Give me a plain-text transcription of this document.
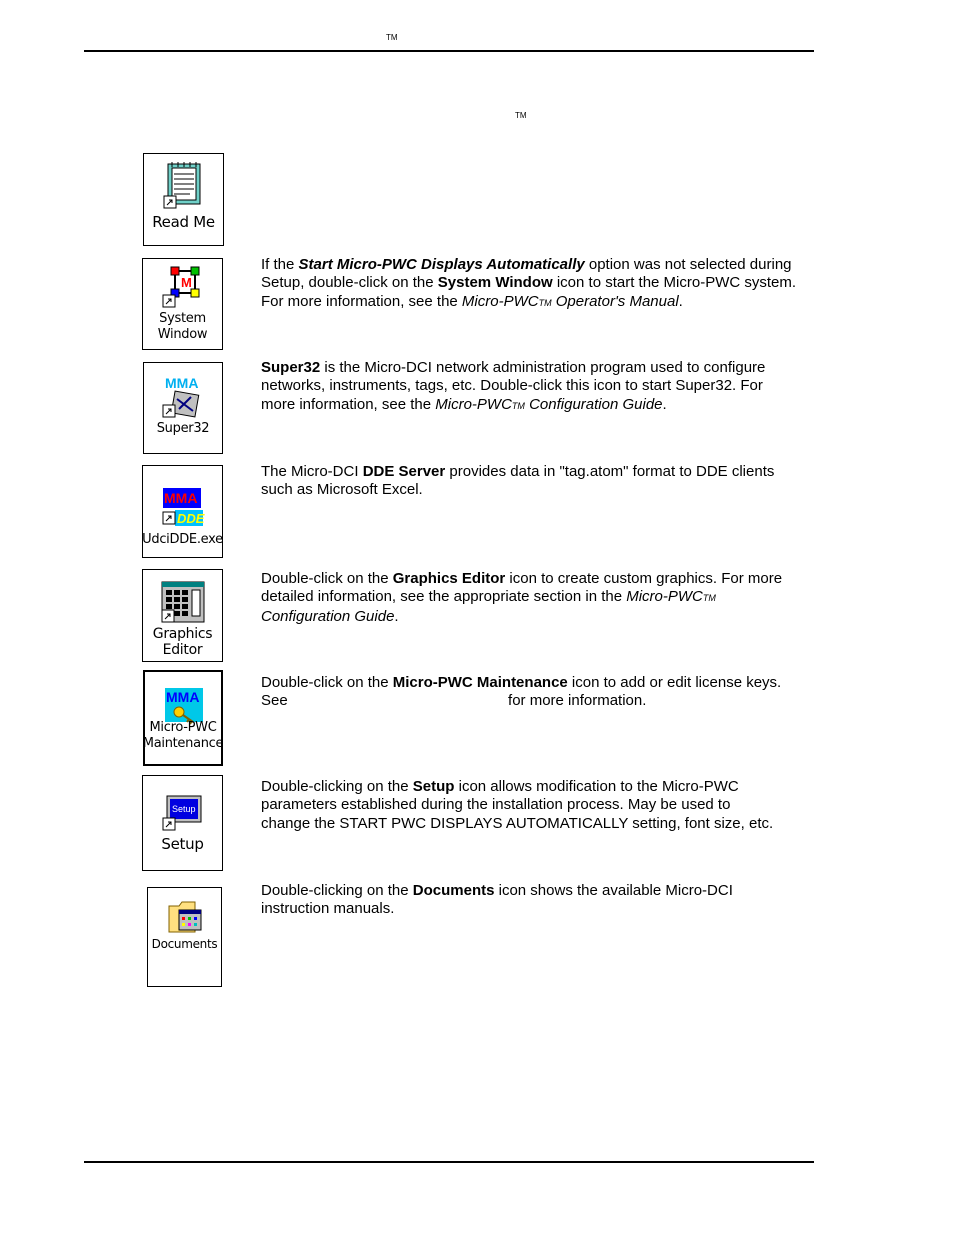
TM
TM
Read Me
M
System
Window
MMA
Super32
MMA
DDE
UdciDDE.exe
Graphics
Editor
MMA
Micro-PWC
Maintenance
Setup
Setup
Documents
If the Start Micro-PWC Displays Automatically option was not selected during Setup, double-click on the System Window icon to start the Micro-PWC system. For more information, see the Micro-PWCTM Operator's Manual.
Super32 is the Micro-DCI network administration program used to configure networks, instruments, tags, etc. Double-click this icon to start Super32. For more information, see the Micro-PWCTM Configuration Guide.
The Micro-DCI DDE Server provides data in "tag.atom" format to DDE clients such as Microsoft Excel.
Double-click on the Graphics Editor icon to create custom graphics. For more detailed information, see the appropriate section in the Micro-PWCTM
Configuration Guide.
Double-click on the Micro-PWC Maintenance icon to add or edit license keys. See	for more information.
Double-clicking on the Setup icon allows modification to the Micro-PWC parameters established during the installation process. May be used to change the START PWC DISPLAYS AUTOMATICALLY setting, font size, etc.
Double-clicking on the Documents icon shows the available Micro-DCI instruction manuals.
